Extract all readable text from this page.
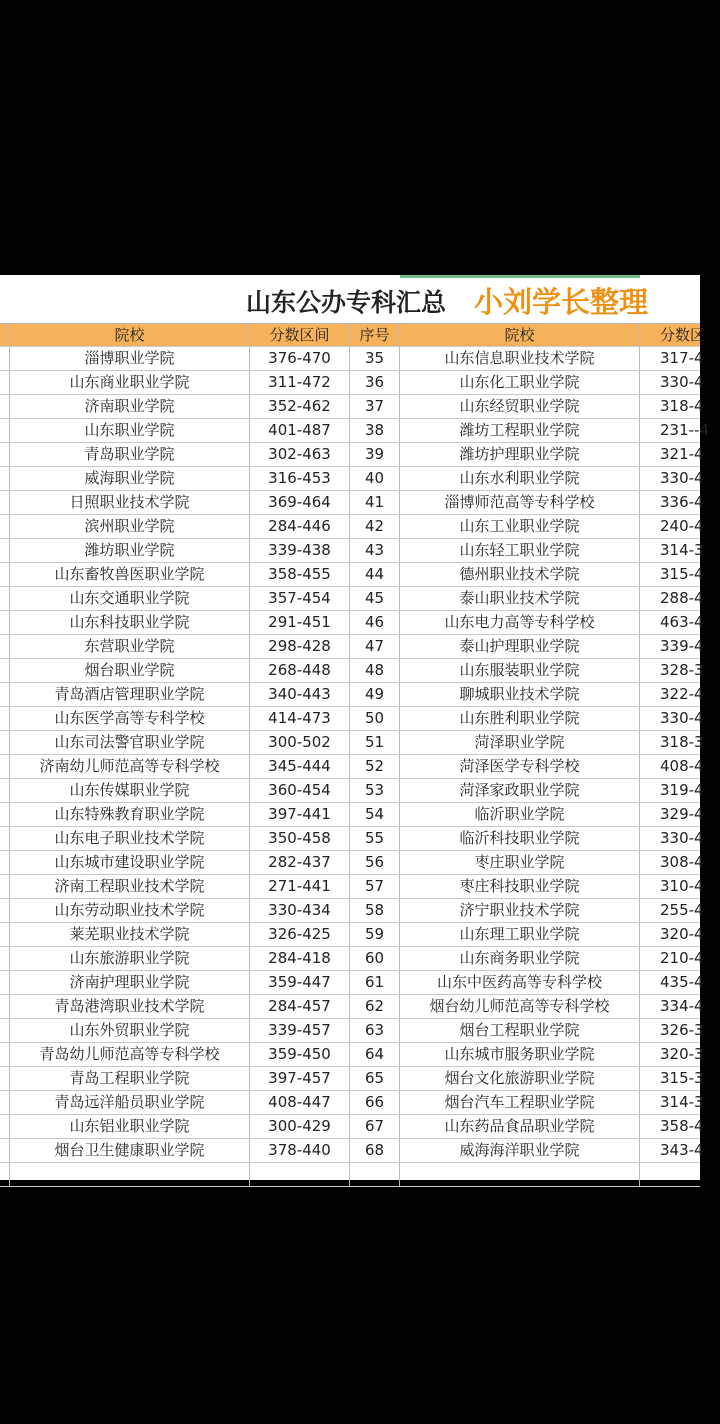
山东公办专科汇总 小刘学长整理
院校	分数区间	序号	院校	分数区
淄博职业学院	376-470	35	山东信息职业技术学院	317-4
山东商业职业学院	311-472	36	山东化工职业学院	330-4
济南职业学院	352-462	37	山东经贸职业学院	318-4
山东职业学院	401-487	38	潍坊工程职业学院	231--4
青岛职业学院	302-463	39	潍坊护理职业学院	321-4
威海职业学院	316-453	40	山东水利职业学院	330-4
日照职业技术学院	369-464	41	淄博师范高等专科学校	336-4
滨州职业学院	284-446	42	山东工业职业学院	240-4
潍坊职业学院	339-438	43	山东轻工职业学院	314-3
山东畜牧兽医职业学院	358-455	44	德州职业技术学院	315-4
山东交通职业学院	357-454	45	泰山职业技术学院	288-4
山东科技职业学院	291-451	46	山东电力高等专科学校	463-4
东营职业学院	298-428	47	泰山护理职业学院	339-4
烟台职业学院	268-448	48	山东服装职业学院	328-3
青岛酒店管理职业学院	340-443	49	聊城职业技术学院	322-4
山东医学高等专科学校	414-473	50	山东胜利职业学院	330-4
山东司法警官职业学院	300-502	51	菏泽职业学院	318-3
济南幼儿师范高等专科学校	345-444	52	菏泽医学专科学校	408-4
山东传媒职业学院	360-454	53	菏泽家政职业学院	319-4
山东特殊教育职业学院	397-441	54	临沂职业学院	329-4
山东电子职业技术学院	350-458	55	临沂科技职业学院	330-4
山东城市建设职业学院	282-437	56	枣庄职业学院	308-4
济南工程职业技术学院	271-441	57	枣庄科技职业学院	310-4
山东劳动职业技术学院	330-434	58	济宁职业技术学院	255-4
莱芜职业技术学院	326-425	59	山东理工职业学院	320-4
山东旅游职业学院	284-418	60	山东商务职业学院	210-4
济南护理职业学院	359-447	61	山东中医药高等专科学校	435-4
青岛港湾职业技术学院	284-457	62	烟台幼儿师范高等专科学校	334-4
山东外贸职业学院	339-457	63	烟台工程职业学院	326-3
青岛幼儿师范高等专科学校	359-450	64	山东城市服务职业学院	320-3
青岛工程职业学院	397-457	65	烟台文化旅游职业学院	315-3
青岛远洋船员职业学院	408-447	66	烟台汽车工程职业学院	314-3
山东铝业职业学院	300-429	67	山东药品食品职业学院	358-4
烟台卫生健康职业学院	378-440	68	威海海洋职业学院	343-4
